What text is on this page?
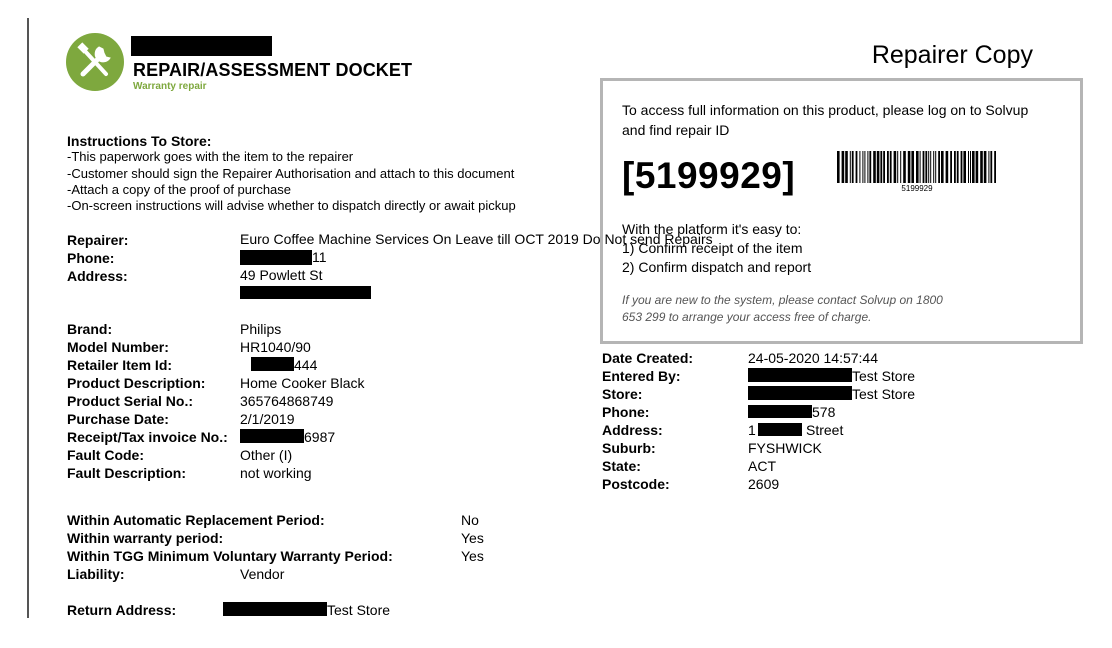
REPAIR/ASSESSMENT DOCKET
Warranty repair
Repairer Copy
To access full information on this product, please log on to Solvup and find repair ID
[5199929]	5199929
With the platform it's easy to:
1) Confirm receipt of the item
2) Confirm dispatch and report
If you are new to the system, please contact Solvup on 1800 653 299 to arrange your access free of charge.
Instructions To Store:
-This paperwork goes with the item to the repairer
-Customer should sign the Repairer Authorisation and attach to this document
-Attach a copy of the proof of purchase
-On-screen instructions will advise whether to dispatch directly or await pickup
Repairer:	Euro Coffee Machine Services On Leave till OCT 2019 Do Not send Repairs
Phone:	11
Address:	49 Powlett St
Brand:	Philips
Model Number:	HR1040/90
Retailer Item Id:	444
Product Description: Home Cooker Black
Product Serial No.:	365764868749
Purchase Date:	2/1/2019
Receipt/Tax invoice No.:	6987
Fault Code:	Other (I)
Fault Description:	not working
Date Created:	24-05-2020 14:57:44
Entered By:	Test Store
Store:	Test Store
Phone:	578
Address:	1	Street
Suburb:	FYSHWICK
State:	ACT
Postcode:	2609
Within Automatic Replacement Period:	No
Within warranty period:	Yes
Within TGG Minimum Voluntary Warranty Period:	Yes
Liability:	Vendor
Return Address:	Test Store
